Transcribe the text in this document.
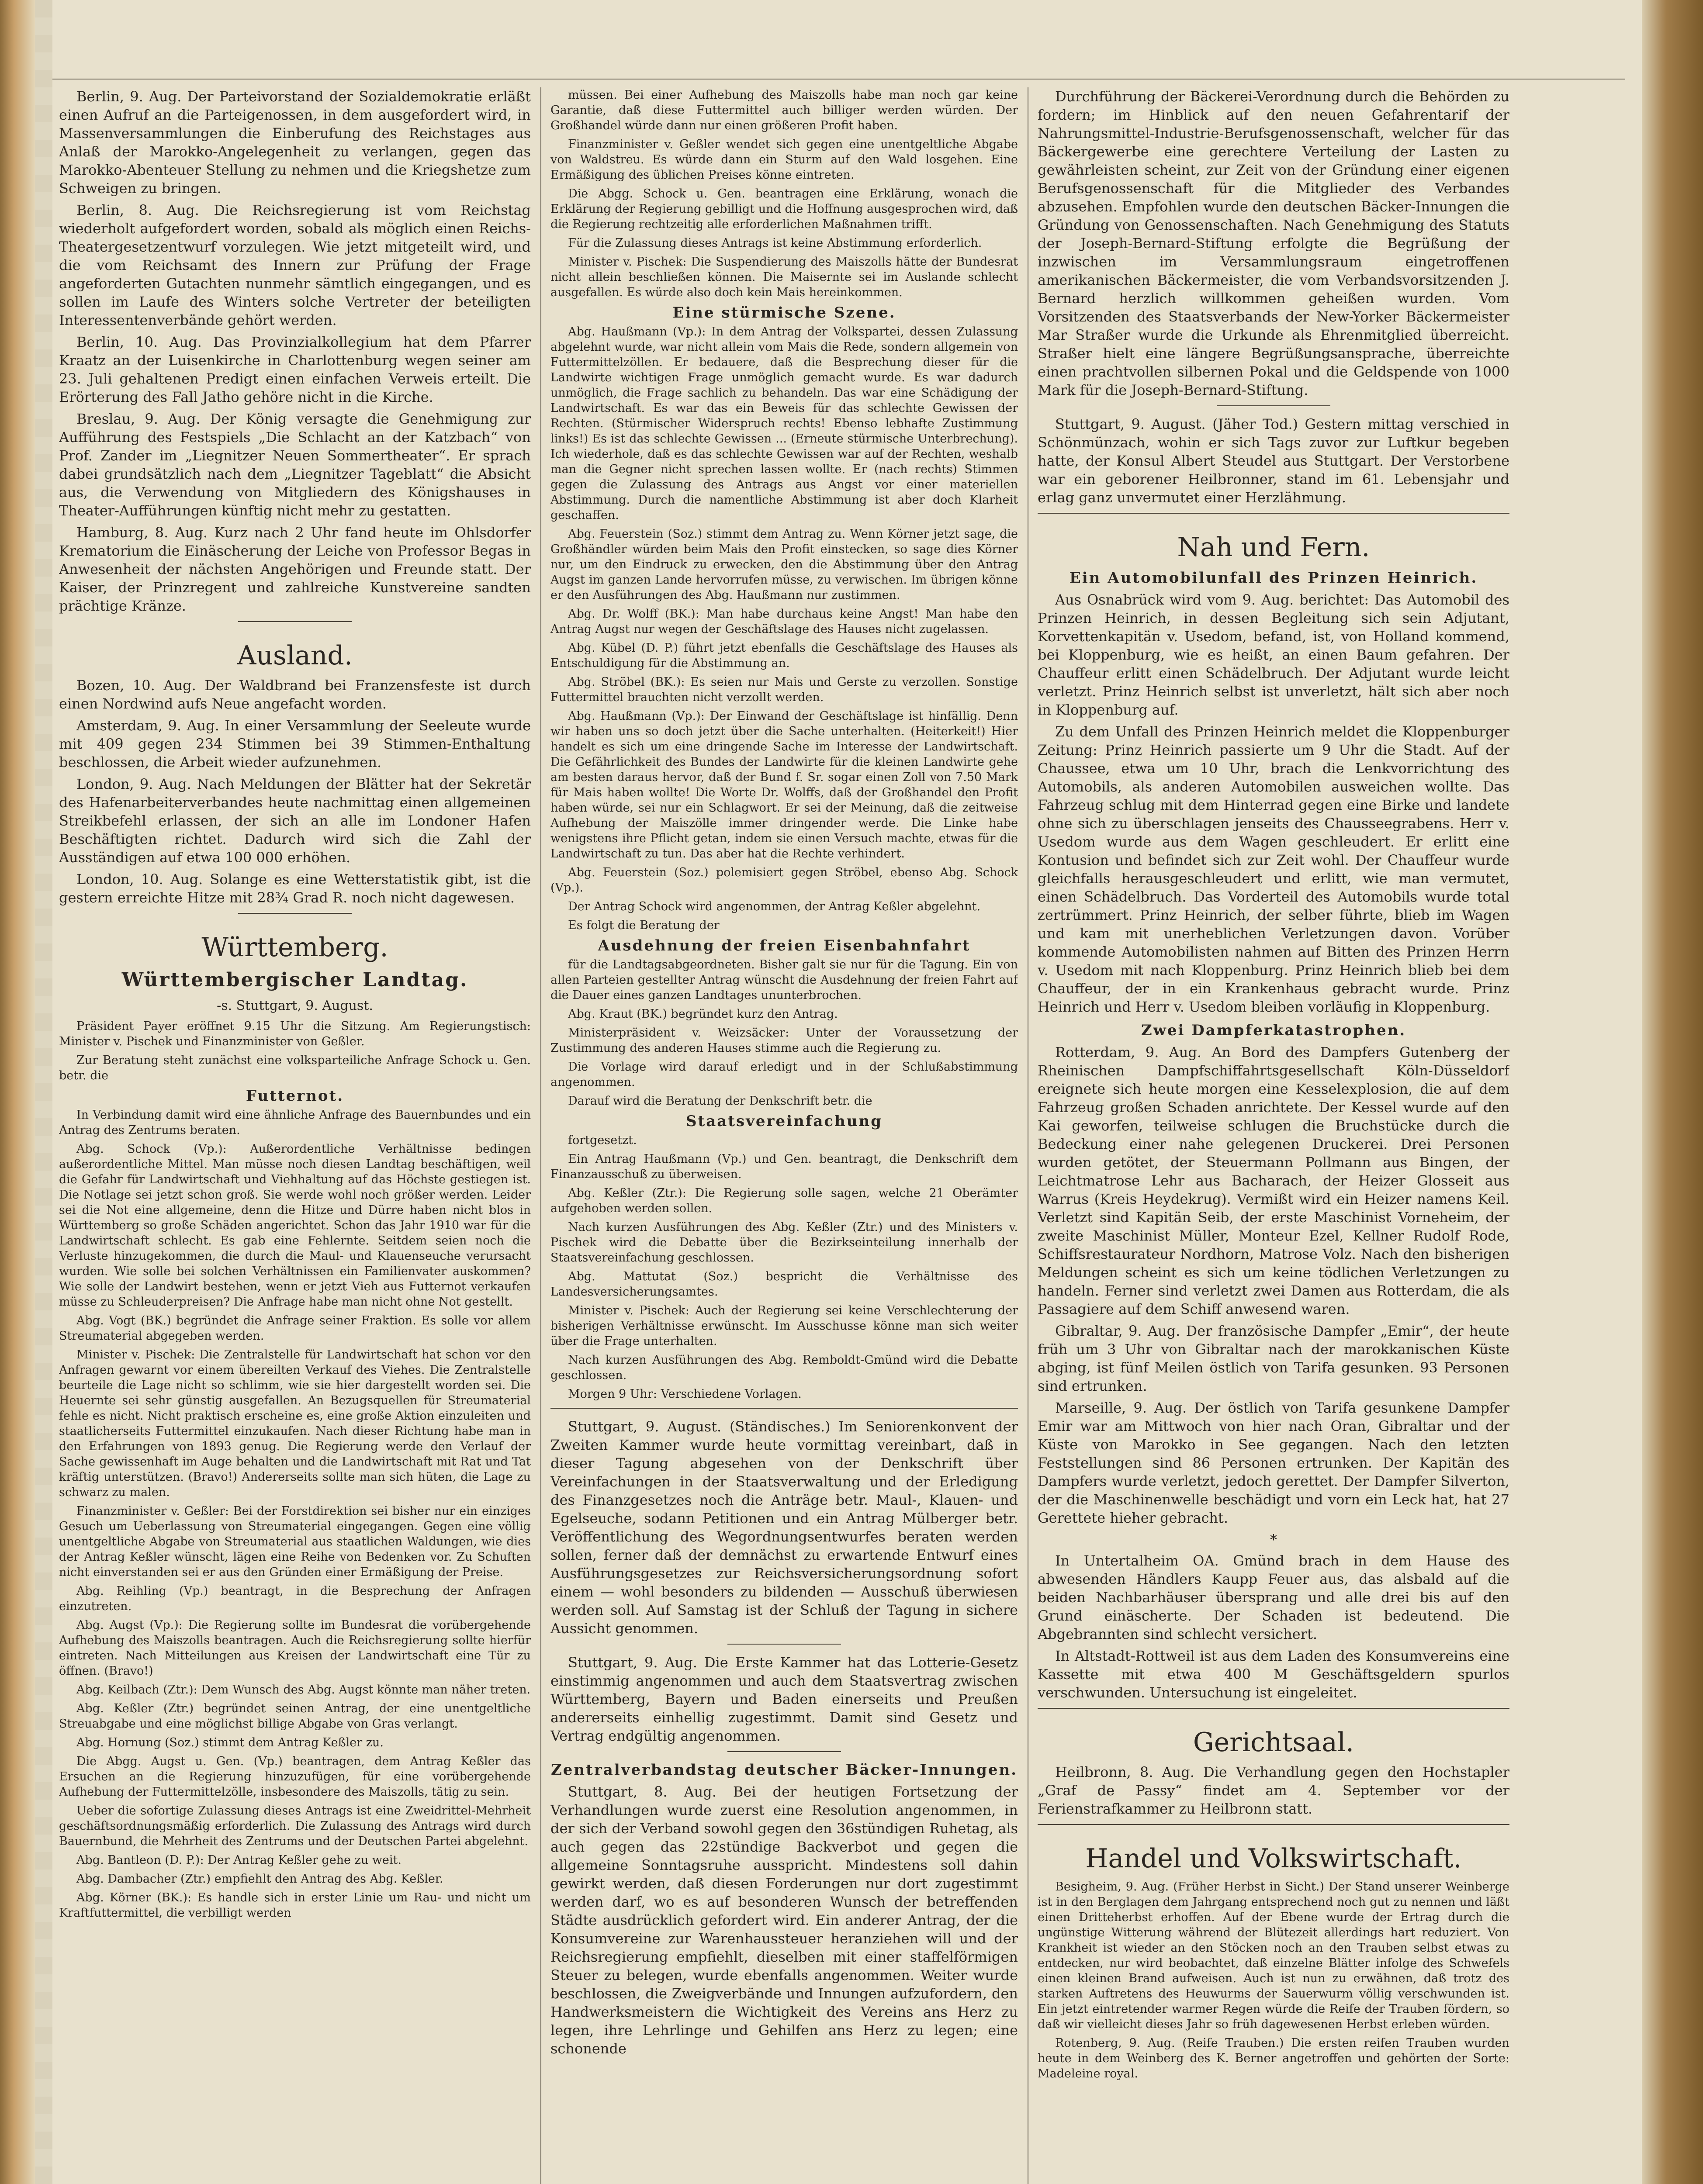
Berlin, 9. Aug. Der Parteivorstand der Sozialdemokratie erläßt einen Aufruf an die Parteigenossen, in dem ausgefordert wird, in Massenversammlungen die Einberufung des Reichstages aus Anlaß der Marokko-Angelegenheit zu verlangen, gegen das Marokko-Abenteuer Stellung zu nehmen und die Kriegshetze zum Schweigen zu bringen.

Berlin, 8. Aug. Die Reichsregierung ist vom Reichstag wiederholt aufgefordert worden, sobald als möglich einen Reichs-Theatergesetzentwurf vorzulegen. Wie jetzt mitgeteilt wird, und die vom Reichsamt des Innern zur Prüfung der Frage angeforderten Gutachten nunmehr sämtlich eingegangen, und es sollen im Laufe des Winters solche Vertreter der beteiligten Interessentenverbände gehört werden.

Berlin, 10. Aug. Das Provinzialkollegium hat dem Pfarrer Kraatz an der Luisenkirche in Charlottenburg wegen seiner am 23. Juli gehaltenen Predigt einen einfachen Verweis erteilt. Die Erörterung des Fall Jatho gehöre nicht in die Kirche.

Breslau, 9. Aug. Der König versagte die Genehmigung zur Aufführung des Festspiels „Die Schlacht an der Katzbach“ von Prof. Zander im „Liegnitzer Neuen Sommertheater“. Er sprach dabei grundsätzlich nach dem „Liegnitzer Tageblatt“ die Absicht aus, die Verwendung von Mitgliedern des Königshauses in Theater-Aufführungen künftig nicht mehr zu gestatten.

Hamburg, 8. Aug. Kurz nach 2 Uhr fand heute im Ohlsdorfer Krematorium die Einäscherung der Leiche von Professor Begas in Anwesenheit der nächsten Angehörigen und Freunde statt. Der Kaiser, der Prinzregent und zahlreiche Kunstvereine sandten prächtige Kränze.

Ausland.

Bozen, 10. Aug. Der Waldbrand bei Franzensfeste ist durch einen Nordwind aufs Neue angefacht worden.

Amsterdam, 9. Aug. In einer Versammlung der Seeleute wurde mit 409 gegen 234 Stimmen bei 39 Stimmen-Enthaltung beschlossen, die Arbeit wieder aufzunehmen.

London, 9. Aug. Nach Meldungen der Blätter hat der Sekretär des Hafenarbeiterverbandes heute nachmittag einen allgemeinen Streikbefehl erlassen, der sich an alle im Londoner Hafen Beschäftigten richtet. Dadurch wird sich die Zahl der Ausständigen auf etwa 100 000 erhöhen.

London, 10. Aug. Solange es eine Wetterstatistik gibt, ist die gestern erreichte Hitze mit 28¾ Grad R. noch nicht dagewesen.

Württemberg.
Württembergischer Landtag.
-s. Stuttgart, 9. August.

Präsident Payer eröffnet 9.15 Uhr die Sitzung. Am Regierungstisch: Minister v. Pischek und Finanzminister von Geßler.

Zur Beratung steht zunächst eine volksparteiliche Anfrage Schock u. Gen. betr. die

Futternot.

In Verbindung damit wird eine ähnliche Anfrage des Bauernbundes und ein Antrag des Zentrums beraten.

Abg. Schock (Vp.): Außerordentliche Verhältnisse bedingen außerordentliche Mittel. Man müsse noch diesen Landtag beschäftigen, weil die Gefahr für Landwirtschaft und Viehhaltung auf das Höchste gestiegen ist. Die Notlage sei jetzt schon groß. Sie werde wohl noch größer werden. Leider sei die Not eine allgemeine, denn die Hitze und Dürre haben nicht blos in Württemberg so große Schäden angerichtet. Schon das Jahr 1910 war für die Landwirtschaft schlecht. Es gab eine Fehlernte. Seitdem seien noch die Verluste hinzugekommen, die durch die Maul- und Klauenseuche verursacht wurden. Wie solle bei solchen Verhältnissen ein Familienvater auskommen? Wie solle der Landwirt bestehen, wenn er jetzt Vieh aus Futternot verkaufen müsse zu Schleuderpreisen? Die Anfrage habe man nicht ohne Not gestellt.

Abg. Vogt (BK.) begründet die Anfrage seiner Fraktion. Es solle vor allem Streumaterial abgegeben werden.

Minister v. Pischek: Die Zentralstelle für Landwirtschaft hat schon vor den Anfragen gewarnt vor einem übereilten Verkauf des Viehes. Die Zentralstelle beurteile die Lage nicht so schlimm, wie sie hier dargestellt worden sei. Die Heuernte sei sehr günstig ausgefallen. An Bezugsquellen für Streumaterial fehle es nicht. Nicht praktisch erscheine es, eine große Aktion einzuleiten und staatlicherseits Futtermittel einzukaufen. Nach dieser Richtung habe man in den Erfahrungen von 1893 genug. Die Regierung werde den Verlauf der Sache gewissenhaft im Auge behalten und die Landwirtschaft mit Rat und Tat kräftig unterstützen. (Bravo!) Andererseits sollte man sich hüten, die Lage zu schwarz zu malen.

Finanzminister v. Geßler: Bei der Forstdirektion sei bisher nur ein einziges Gesuch um Ueberlassung von Streumaterial eingegangen. Gegen eine völlig unentgeltliche Abgabe von Streumaterial aus staatlichen Waldungen, wie dies der Antrag Keßler wünscht, lägen eine Reihe von Bedenken vor. Zu Schuften nicht einverstanden sei er aus den Gründen einer Ermäßigung der Preise.

Abg. Reihling (Vp.) beantragt, in die Besprechung der Anfragen einzutreten.

Abg. Augst (Vp.): Die Regierung sollte im Bundesrat die vorübergehende Aufhebung des Maiszolls beantragen. Auch die Reichsregierung sollte hierfür eintreten. Nach Mitteilungen aus Kreisen der Landwirtschaft eine Tür zu öffnen. (Bravo!)

Abg. Keilbach (Ztr.): Dem Wunsch des Abg. Augst könnte man näher treten.

Abg. Keßler (Ztr.) begründet seinen Antrag, der eine unentgeltliche Streuabgabe und eine möglichst billige Abgabe von Gras verlangt.

Abg. Hornung (Soz.) stimmt dem Antrag Keßler zu.

Die Abgg. Augst u. Gen. (Vp.) beantragen, dem Antrag Keßler das Ersuchen an die Regierung hinzuzufügen, für eine vorübergehende Aufhebung der Futtermittelzölle, insbesondere des Maiszolls, tätig zu sein.

Ueber die sofortige Zulassung dieses Antrags ist eine Zweidrittel-Mehrheit geschäftsordnungsmäßig erforderlich. Die Zulassung des Antrags wird durch Bauernbund, die Mehrheit des Zentrums und der Deutschen Partei abgelehnt.

Abg. Bantleon (D. P.): Der Antrag Keßler gehe zu weit.

Abg. Dambacher (Ztr.) empfiehlt den Antrag des Abg. Keßler.

Abg. Körner (BK.): Es handle sich in erster Linie um Rau- und nicht um Kraftfuttermittel, die verbilligt werden

müssen. Bei einer Aufhebung des Maiszolls habe man noch gar keine Garantie, daß diese Futtermittel auch billiger werden würden. Der Großhandel würde dann nur einen größeren Profit haben.

Finanzminister v. Geßler wendet sich gegen eine unentgeltliche Abgabe von Waldstreu. Es würde dann ein Sturm auf den Wald losgehen. Eine Ermäßigung des üblichen Preises könne eintreten.

Die Abgg. Schock u. Gen. beantragen eine Erklärung, wonach die Erklärung der Regierung gebilligt und die Hoffnung ausgesprochen wird, daß die Regierung rechtzeitig alle erforderlichen Maßnahmen trifft.

Für die Zulassung dieses Antrags ist keine Abstimmung erforderlich.

Minister v. Pischek: Die Suspendierung des Maiszolls hätte der Bundesrat nicht allein beschließen können. Die Maisernte sei im Auslande schlecht ausgefallen. Es würde also doch kein Mais hereinkommen.

Eine stürmische Szene.

Abg. Haußmann (Vp.): In dem Antrag der Volkspartei, dessen Zulassung abgelehnt wurde, war nicht allein vom Mais die Rede, sondern allgemein von Futtermittelzöllen. Er bedauere, daß die Besprechung dieser für die Landwirte wichtigen Frage unmöglich gemacht wurde. Es war dadurch unmöglich, die Frage sachlich zu behandeln. Das war eine Schädigung der Landwirtschaft. Es war das ein Beweis für das schlechte Gewissen der Rechten. (Stürmischer Widerspruch rechts! Ebenso lebhafte Zustimmung links!) Es ist das schlechte Gewissen ... (Erneute stürmische Unterbrechung). Ich wiederhole, daß es das schlechte Gewissen war auf der Rechten, weshalb man die Gegner nicht sprechen lassen wollte. Er (nach rechts) Stimmen gegen die Zulassung des Antrags aus Angst vor einer materiellen Abstimmung. Durch die namentliche Abstimmung ist aber doch Klarheit geschaffen.

Abg. Feuerstein (Soz.) stimmt dem Antrag zu. Wenn Körner jetzt sage, die Großhändler würden beim Mais den Profit einstecken, so sage dies Körner nur, um den Eindruck zu erwecken, den die Abstimmung über den Antrag Augst im ganzen Lande hervorrufen müsse, zu verwischen. Im übrigen könne er den Ausführungen des Abg. Haußmann nur zustimmen.

Abg. Dr. Wolff (BK.): Man habe durchaus keine Angst! Man habe den Antrag Augst nur wegen der Geschäftslage des Hauses nicht zugelassen.

Abg. Kübel (D. P.) führt jetzt ebenfalls die Geschäftslage des Hauses als Entschuldigung für die Abstimmung an.

Abg. Ströbel (BK.): Es seien nur Mais und Gerste zu verzollen. Sonstige Futtermittel brauchten nicht verzollt werden.

Abg. Haußmann (Vp.): Der Einwand der Geschäftslage ist hinfällig. Denn wir haben uns so doch jetzt über die Sache unterhalten. (Heiterkeit!) Hier handelt es sich um eine dringende Sache im Interesse der Landwirtschaft. Die Gefährlichkeit des Bundes der Landwirte für die kleinen Landwirte gehe am besten daraus hervor, daß der Bund f. Sr. sogar einen Zoll von 7.50 Mark für Mais haben wollte! Die Worte Dr. Wolffs, daß der Großhandel den Profit haben würde, sei nur ein Schlagwort. Er sei der Meinung, daß die zeitweise Aufhebung der Maiszölle immer dringender werde. Die Linke habe wenigstens ihre Pflicht getan, indem sie einen Versuch machte, etwas für die Landwirtschaft zu tun. Das aber hat die Rechte verhindert.

Abg. Feuerstein (Soz.) polemisiert gegen Ströbel, ebenso Abg. Schock (Vp.).

Der Antrag Schock wird angenommen, der Antrag Keßler abgelehnt.

Es folgt die Beratung der

Ausdehnung der freien Eisenbahnfahrt

für die Landtagsabgeordneten. Bisher galt sie nur für die Tagung. Ein von allen Parteien gestellter Antrag wünscht die Ausdehnung der freien Fahrt auf die Dauer eines ganzen Landtages ununterbrochen.

Abg. Kraut (BK.) begründet kurz den Antrag.

Ministerpräsident v. Weizsäcker: Unter der Voraussetzung der Zustimmung des anderen Hauses stimme auch die Regierung zu.

Die Vorlage wird darauf erledigt und in der Schlußabstimmung angenommen.

Darauf wird die Beratung der Denkschrift betr. die

Staatsvereinfachung

fortgesetzt.

Ein Antrag Haußmann (Vp.) und Gen. beantragt, die Denkschrift dem Finanzausschuß zu überweisen.

Abg. Keßler (Ztr.): Die Regierung solle sagen, welche 21 Oberämter aufgehoben werden sollen.

Nach kurzen Ausführungen des Abg. Keßler (Ztr.) und des Ministers v. Pischek wird die Debatte über die Bezirkseinteilung innerhalb der Staatsvereinfachung geschlossen.

Abg. Mattutat (Soz.) bespricht die Verhältnisse des Landesversicherungsamtes.

Minister v. Pischek: Auch der Regierung sei keine Verschlechterung der bisherigen Verhältnisse erwünscht. Im Ausschusse könne man sich weiter über die Frage unterhalten.

Nach kurzen Ausführungen des Abg. Remboldt-Gmünd wird die Debatte geschlossen.

Morgen 9 Uhr: Verschiedene Vorlagen.

Stuttgart, 9. August. (Ständisches.) Im Seniorenkonvent der Zweiten Kammer wurde heute vormittag vereinbart, daß in dieser Tagung abgesehen von der Denkschrift über Vereinfachungen in der Staatsverwaltung und der Erledigung des Finanzgesetzes noch die Anträge betr. Maul-, Klauen- und Egelseuche, sodann Petitionen und ein Antrag Mülberger betr. Veröffentlichung des Wegordnungsentwurfes beraten werden sollen, ferner daß der demnächst zu erwartende Entwurf eines Ausführungsgesetzes zur Reichsversicherungsordnung sofort einem — wohl besonders zu bildenden — Ausschuß überwiesen werden soll. Auf Samstag ist der Schluß der Tagung in sichere Aussicht genommen.

Stuttgart, 9. Aug. Die Erste Kammer hat das Lotterie-Gesetz einstimmig angenommen und auch dem Staatsvertrag zwischen Württemberg, Bayern und Baden einerseits und Preußen andererseits einhellig zugestimmt. Damit sind Gesetz und Vertrag endgültig angenommen.

Zentralverbandstag deutscher Bäcker-Innungen.

Stuttgart, 8. Aug. Bei der heutigen Fortsetzung der Verhandlungen wurde zuerst eine Resolution angenommen, in der sich der Verband sowohl gegen den 36stündigen Ruhetag, als auch gegen das 22stündige Backverbot und gegen die allgemeine Sonntagsruhe ausspricht. Mindestens soll dahin gewirkt werden, daß diesen Forderungen nur dort zugestimmt werden darf, wo es auf besonderen Wunsch der betreffenden Städte ausdrücklich gefordert wird. Ein anderer Antrag, der die Konsumvereine zur Warenhaussteuer heranziehen will und der Reichsregierung empfiehlt, dieselben mit einer staffelförmigen Steuer zu belegen, wurde ebenfalls angenommen. Weiter wurde beschlossen, die Zweigverbände und Innungen aufzufordern, den Handwerksmeistern die Wichtigkeit des Vereins ans Herz zu legen, ihre Lehrlinge und Gehilfen ans Herz zu legen; eine schonende

Durchführung der Bäckerei-Verordnung durch die Behörden zu fordern; im Hinblick auf den neuen Gefahrentarif der Nahrungsmittel-Industrie-Berufsgenossenschaft, welcher für das Bäckergewerbe eine gerechtere Verteilung der Lasten zu gewährleisten scheint, zur Zeit von der Gründung einer eigenen Berufsgenossenschaft für die Mitglieder des Verbandes abzusehen. Empfohlen wurde den deutschen Bäcker-Innungen die Gründung von Genossenschaften. Nach Genehmigung des Statuts der Joseph-Bernard-Stiftung erfolgte die Begrüßung der inzwischen im Versammlungsraum eingetroffenen amerikanischen Bäckermeister, die vom Verbandsvorsitzenden J. Bernard herzlich willkommen geheißen wurden. Vom Vorsitzenden des Staatsverbands der New-Yorker Bäckermeister Mar Straßer wurde die Urkunde als Ehrenmitglied überreicht. Straßer hielt eine längere Begrüßungsansprache, überreichte einen prachtvollen silbernen Pokal und die Geldspende von 1000 Mark für die Joseph-Bernard-Stiftung.

Stuttgart, 9. August. (Jäher Tod.) Gestern mittag verschied in Schönmünzach, wohin er sich Tags zuvor zur Luftkur begeben hatte, der Konsul Albert Steudel aus Stuttgart. Der Verstorbene war ein geborener Heilbronner, stand im 61. Lebensjahr und erlag ganz unvermutet einer Herzlähmung.

Nah und Fern.
Ein Automobilunfall des Prinzen Heinrich.

Aus Osnabrück wird vom 9. Aug. berichtet: Das Automobil des Prinzen Heinrich, in dessen Begleitung sich sein Adjutant, Korvettenkapitän v. Usedom, befand, ist, von Holland kommend, bei Kloppenburg, wie es heißt, an einen Baum gefahren. Der Chauffeur erlitt einen Schädelbruch. Der Adjutant wurde leicht verletzt. Prinz Heinrich selbst ist unverletzt, hält sich aber noch in Kloppenburg auf.

Zu dem Unfall des Prinzen Heinrich meldet die Kloppenburger Zeitung: Prinz Heinrich passierte um 9 Uhr die Stadt. Auf der Chaussee, etwa um 10 Uhr, brach die Lenkvorrichtung des Automobils, als anderen Automobilen ausweichen wollte. Das Fahrzeug schlug mit dem Hinterrad gegen eine Birke und landete ohne sich zu überschlagen jenseits des Chausseegrabens. Herr v. Usedom wurde aus dem Wagen geschleudert. Er erlitt eine Kontusion und befindet sich zur Zeit wohl. Der Chauffeur wurde gleichfalls herausgeschleudert und erlitt, wie man vermutet, einen Schädelbruch. Das Vorderteil des Automobils wurde total zertrümmert. Prinz Heinrich, der selber führte, blieb im Wagen und kam mit unerheblichen Verletzungen davon. Vorüber kommende Automobilisten nahmen auf Bitten des Prinzen Herrn v. Usedom mit nach Kloppenburg. Prinz Heinrich blieb bei dem Chauffeur, der in ein Krankenhaus gebracht wurde. Prinz Heinrich und Herr v. Usedom bleiben vorläufig in Kloppenburg.

Zwei Dampferkatastrophen.

Rotterdam, 9. Aug. An Bord des Dampfers Gutenberg der Rheinischen Dampfschiffahrtsgesellschaft Köln-Düsseldorf ereignete sich heute morgen eine Kesselexplosion, die auf dem Fahrzeug großen Schaden anrichtete. Der Kessel wurde auf den Kai geworfen, teilweise schlugen die Bruchstücke durch die Bedeckung einer nahe gelegenen Druckerei. Drei Personen wurden getötet, der Steuermann Pollmann aus Bingen, der Leichtmatrose Lehr aus Bacharach, der Heizer Glosseit aus Warrus (Kreis Heydekrug). Vermißt wird ein Heizer namens Keil. Verletzt sind Kapitän Seib, der erste Maschinist Vorneheim, der zweite Maschinist Müller, Monteur Ezel, Kellner Rudolf Rode, Schiffsrestaurateur Nordhorn, Matrose Volz. Nach den bisherigen Meldungen scheint es sich um keine tödlichen Verletzungen zu handeln. Ferner sind verletzt zwei Damen aus Rotterdam, die als Passagiere auf dem Schiff anwesend waren.

Gibraltar, 9. Aug. Der französische Dampfer „Emir“, der heute früh um 3 Uhr von Gibraltar nach der marokkanischen Küste abging, ist fünf Meilen östlich von Tarifa gesunken. 93 Personen sind ertrunken.

Marseille, 9. Aug. Der östlich von Tarifa gesunkene Dampfer Emir war am Mittwoch von hier nach Oran, Gibraltar und der Küste von Marokko in See gegangen. Nach den letzten Feststellungen sind 86 Personen ertrunken. Der Kapitän des Dampfers wurde verletzt, jedoch gerettet. Der Dampfer Silverton, der die Maschinenwelle beschädigt und vorn ein Leck hat, hat 27 Gerettete hieher gebracht.

*

In Untertalheim OA. Gmünd brach in dem Hause des abwesenden Händlers Kaupp Feuer aus, das alsbald auf die beiden Nachbarhäuser übersprang und alle drei bis auf den Grund einäscherte. Der Schaden ist bedeutend. Die Abgebrannten sind schlecht versichert.

In Altstadt-Rottweil ist aus dem Laden des Konsumvereins eine Kassette mit etwa 400 M Geschäftsgeldern spurlos verschwunden. Untersuchung ist eingeleitet.

Gerichtsaal.

Heilbronn, 8. Aug. Die Verhandlung gegen den Hochstapler „Graf de Passy“ findet am 4. September vor der Ferienstrafkammer zu Heilbronn statt.

Handel und Volkswirtschaft.

Besigheim, 9. Aug. (Früher Herbst in Sicht.) Der Stand unserer Weinberge ist in den Berglagen dem Jahrgang entsprechend noch gut zu nennen und läßt einen Dritteherbst erhoffen. Auf der Ebene wurde der Ertrag durch die ungünstige Witterung während der Blütezeit allerdings hart reduziert. Von Krankheit ist wieder an den Stöcken noch an den Trauben selbst etwas zu entdecken, nur wird beobachtet, daß einzelne Blätter infolge des Schwefels einen kleinen Brand aufweisen. Auch ist nun zu erwähnen, daß trotz des starken Auftretens des Heuwurms der Sauerwurm völlig verschwunden ist. Ein jetzt eintretender warmer Regen würde die Reife der Trauben fördern, so daß wir vielleicht dieses Jahr so früh dagewesenen Herbst erleben würden.

Rotenberg, 9. Aug. (Reife Trauben.) Die ersten reifen Trauben wurden heute in dem Weinberg des K. Berner angetroffen und gehörten der Sorte: Madeleine royal.
